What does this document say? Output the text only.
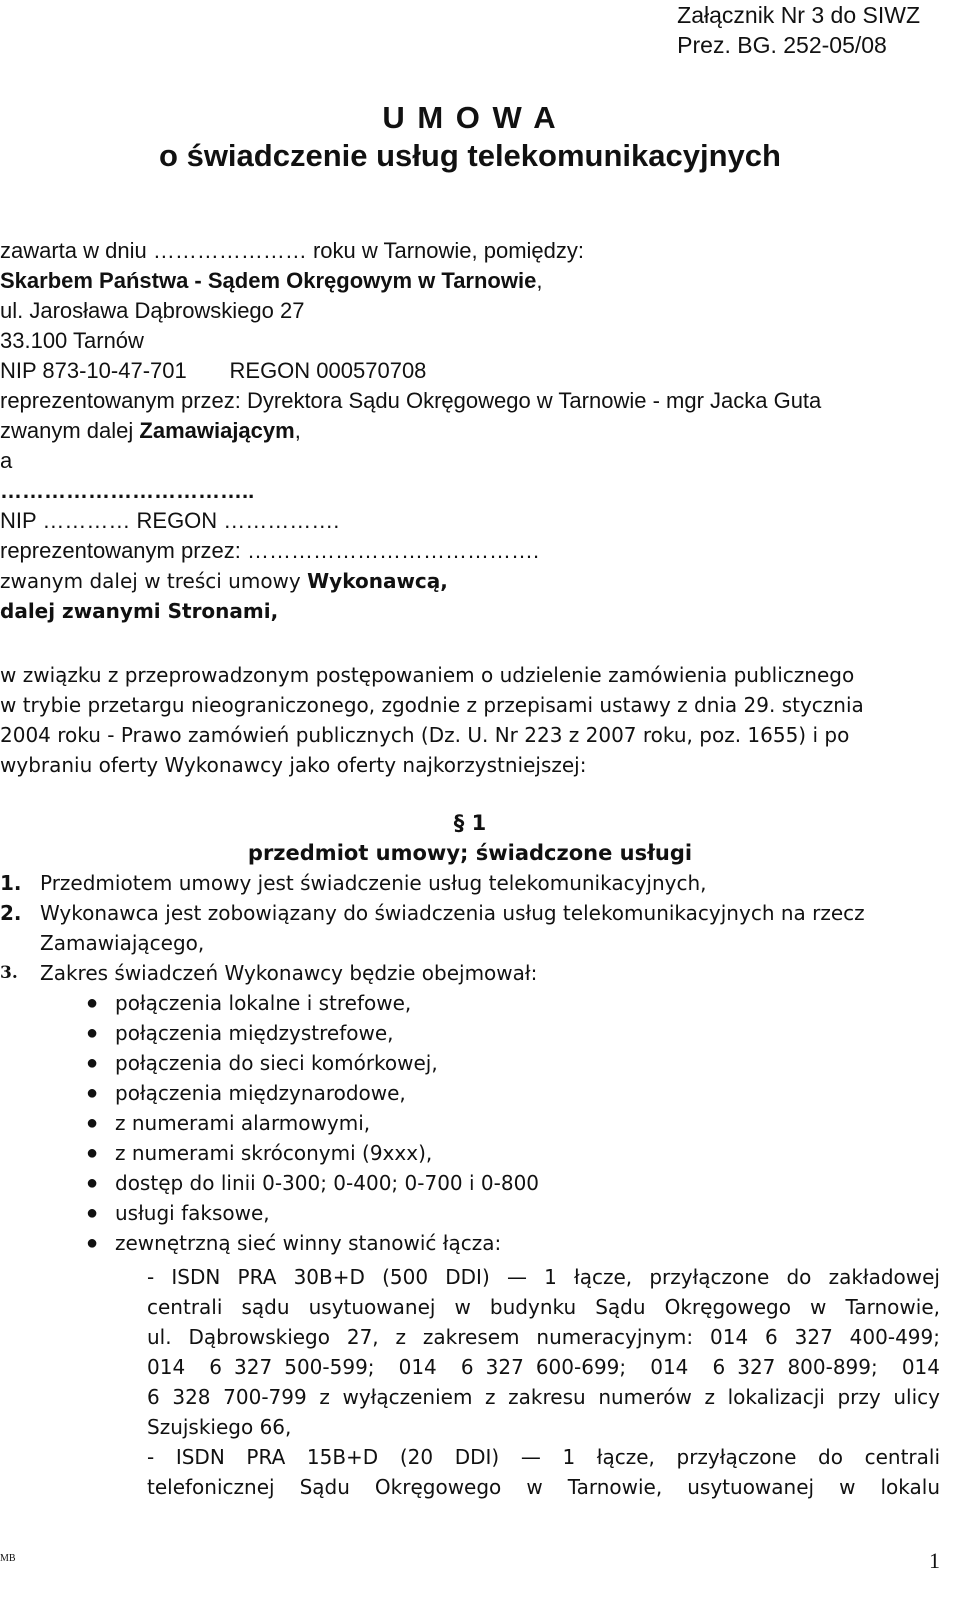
Załącznik Nr 3 do SIWZ
Prez. BG. 252-05/08
U M O W A
o świadczenie usług telekomunikacyjnych
zawarta w dniu ………………… roku w Tarnowie, pomiędzy:
Skarbem Państwa - Sądem Okręgowym w Tarnowie,
ul. Jarosława Dąbrowskiego 27
33.100 Tarnów
NIP 873-10-47-701       REGON 000570708
reprezentowanym przez: Dyrektora Sądu Okręgowego w Tarnowie - mgr Jacka Guta
zwanym dalej Zamawiającym,
a
……………………………..
NIP ………… REGON …………….
reprezentowanym przez: ………………………………….
zwanym dalej w treści umowy Wykonawcą,
dalej zwanymi Stronami,
w związku z przeprowadzonym postępowaniem o udzielenie zamówienia publicznego
w trybie przetargu nieograniczonego, zgodnie z przepisami ustawy z dnia 29. stycznia
2004 roku - Prawo zamówień publicznych (Dz. U. Nr 223 z 2007 roku, poz. 1655) i po
wybraniu oferty Wykonawcy jako oferty najkorzystniejszej:
§ 1
przedmiot umowy; świadczone usługi
1. Przedmiotem umowy jest świadczenie usług telekomunikacyjnych,
2. Wykonawca jest zobowiązany do świadczenia usług telekomunikacyjnych na rzecz
Zamawiającego,
3. Zakres świadczeń Wykonawcy będzie obejmował:
● połączenia lokalne i strefowe,
● połączenia międzystrefowe,
● połączenia do sieci komórkowej,
● połączenia międzynarodowe,
● z numerami alarmowymi,
● z numerami skróconymi (9xxx),
● dostęp do linii 0-300; 0-400; 0-700 i 0-800
● usługi faksowe,
● zewnętrzną sieć winny stanowić łącza:
- ISDN PRA 30B+D (500 DDI) — 1 łącze, przyłączone do zakładowej
centrali sądu usytuowanej w budynku Sądu Okręgowego w Tarnowie,
ul. Dąbrowskiego 27, z zakresem numeracyjnym: 014 6 327 400-499;
014  6 327 500-599;  014  6 327 600-699;  014  6 327 800-899;  014
6 328 700-799 z wyłączeniem z zakresu numerów z lokalizacji przy ulicy
Szujskiego 66,
- ISDN PRA 15B+D (20 DDI) — 1 łącze, przyłączone do centrali
telefonicznej Sądu Okręgowego w Tarnowie, usytuowanej w lokalu
MB	1
